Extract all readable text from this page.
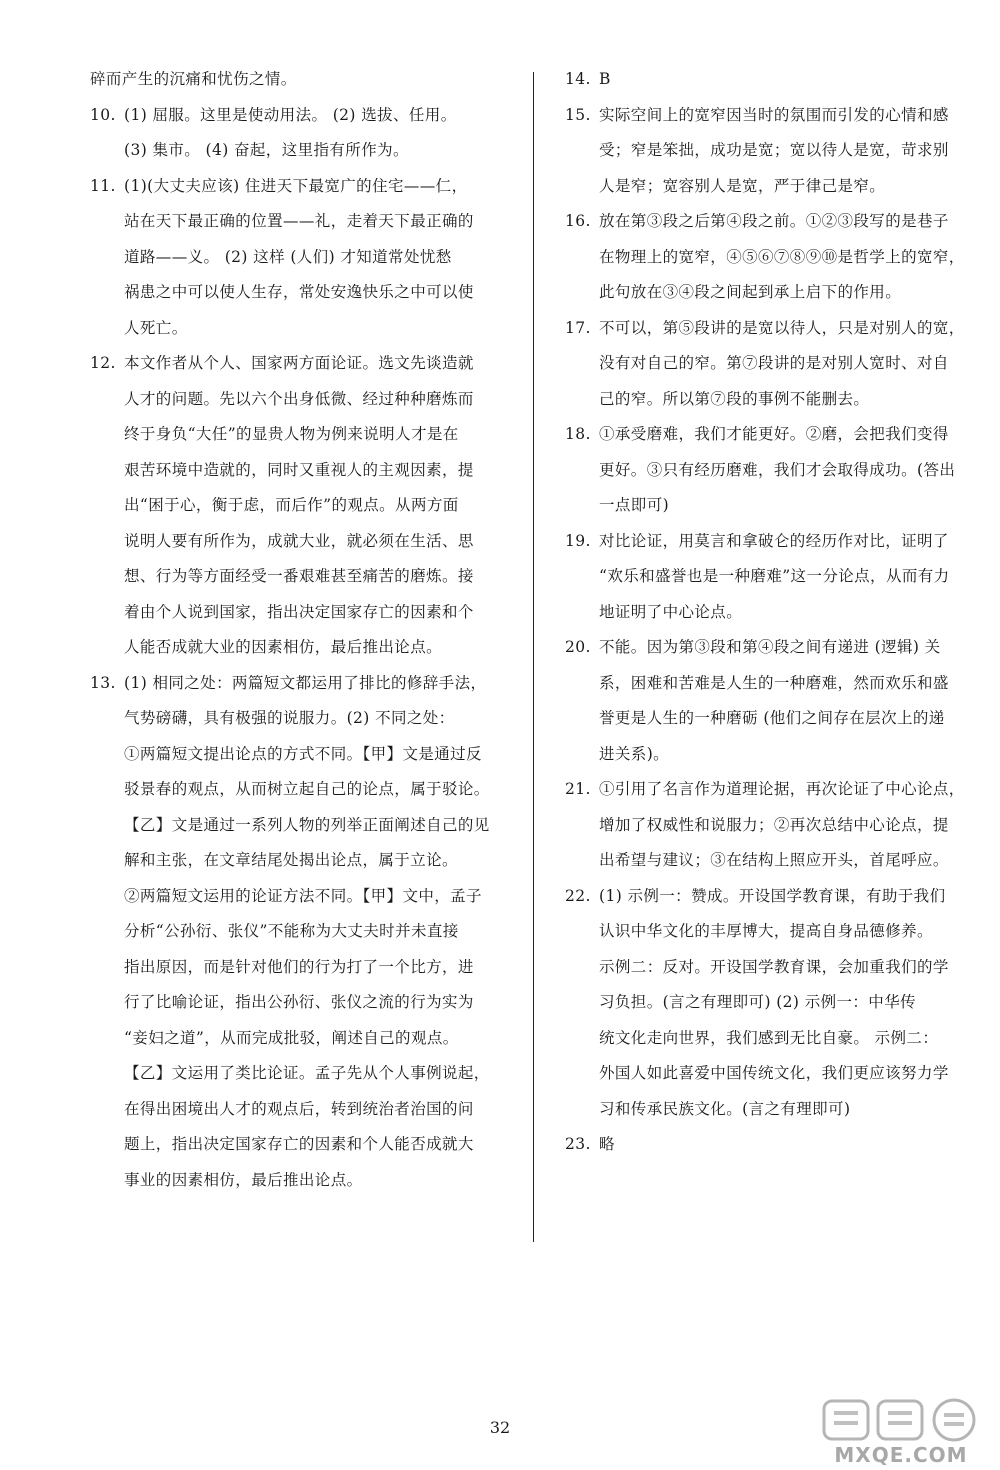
碎而产生的沉痛和忧伤之情。
10. (1) 屈服。这里是使动用法。 (2) 选拔、任用。
(3) 集市。 (4) 奋起，这里指有所作为。
11. (1)(大丈夫应该) 住进天下最宽广的住宅——仁，
站在天下最正确的位置——礼，走着天下最正确的
道路——义。 (2) 这样 (人们) 才知道常处忧愁
祸患之中可以使人生存，常处安逸快乐之中可以使
人死亡。
12. 本文作者从个人、国家两方面论证。选文先谈造就
人才的问题。先以六个出身低微、经过种种磨炼而
终于身负“大任”的显贵人物为例来说明人才是在
艰苦环境中造就的，同时又重视人的主观因素，提
出“困于心，衡于虑，而后作”的观点。从两方面
说明人要有所作为，成就大业，就必须在生活、思
想、行为等方面经受一番艰难甚至痛苦的磨炼。接
着由个人说到国家，指出决定国家存亡的因素和个
人能否成就大业的因素相仿，最后推出论点。
13. (1) 相同之处：两篇短文都运用了排比的修辞手法，
气势磅礴，具有极强的说服力。(2) 不同之处：
①两篇短文提出论点的方式不同。【甲】文是通过反
驳景春的观点，从而树立起自己的论点，属于驳论。
【乙】文是通过一系列人物的列举正面阐述自己的见
解和主张，在文章结尾处揭出论点，属于立论。
②两篇短文运用的论证方法不同。【甲】文中，孟子
分析“公孙衍、张仪”不能称为大丈夫时并未直接
指出原因，而是针对他们的行为打了一个比方，进
行了比喻论证，指出公孙衍、张仪之流的行为实为
“妾妇之道”，从而完成批驳，阐述自己的观点。
【乙】文运用了类比论证。孟子先从个人事例说起，
在得出困境出人才的观点后，转到统治者治国的问
题上，指出决定国家存亡的因素和个人能否成就大
事业的因素相仿，最后推出论点。
14. B
15. 实际空间上的宽窄因当时的氛围而引发的心情和感
受；窄是笨拙，成功是宽；宽以待人是宽，苛求别
人是窄；宽容别人是宽，严于律己是窄。
16. 放在第③段之后第④段之前。①②③段写的是巷子
在物理上的宽窄，④⑤⑥⑦⑧⑨⑩是哲学上的宽窄，
此句放在③④段之间起到承上启下的作用。
17. 不可以，第⑤段讲的是宽以待人，只是对别人的宽，
没有对自己的窄。第⑦段讲的是对别人宽时、对自
己的窄。所以第⑦段的事例不能删去。
18. ①承受磨难，我们才能更好。②磨，会把我们变得
更好。③只有经历磨难，我们才会取得成功。(答出
一点即可)
19. 对比论证，用莫言和拿破仑的经历作对比，证明了
“欢乐和盛誉也是一种磨难”这一分论点，从而有力
地证明了中心论点。
20. 不能。因为第③段和第④段之间有递进 (逻辑) 关
系，困难和苦难是人生的一种磨难，然而欢乐和盛
誉更是人生的一种磨砺 (他们之间存在层次上的递
进关系)。
21. ①引用了名言作为道理论据，再次论证了中心论点，
增加了权威性和说服力；②再次总结中心论点，提
出希望与建议；③在结构上照应开头，首尾呼应。
22. (1) 示例一：赞成。开设国学教育课，有助于我们
认识中华文化的丰厚博大，提高自身品德修养。
示例二：反对。开设国学教育课，会加重我们的学
习负担。(言之有理即可) (2) 示例一：中华传
统文化走向世界，我们感到无比自豪。 示例二：
外国人如此喜爱中国传统文化，我们更应该努力学
习和传承民族文化。(言之有理即可)
23. 略
32
MXQE.COM
